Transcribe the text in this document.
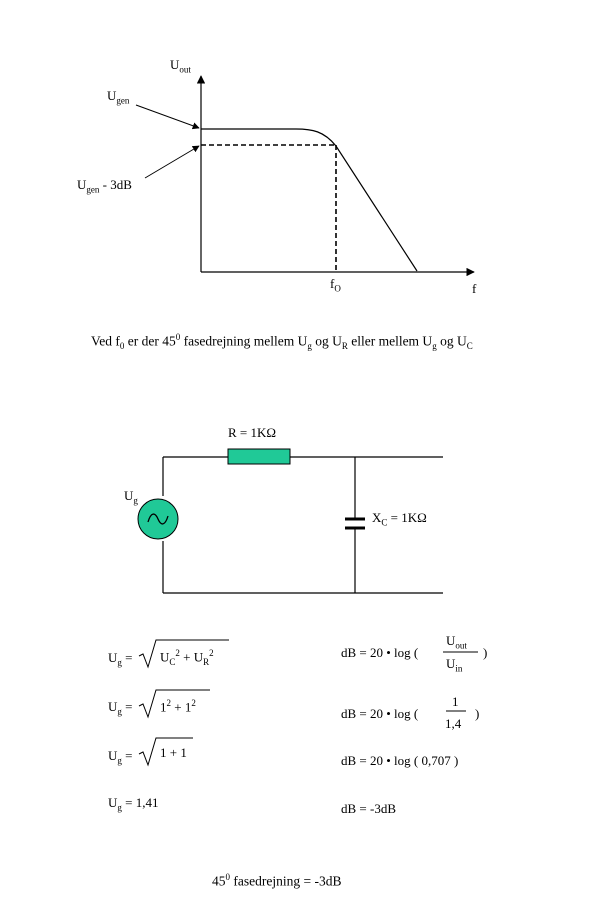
$U_{out}$
f
$U_{gen}$
$U_{gen} - 3dB$
$f_O$
Ved $f_0$ er der $45^0$ fasedrejning mellem $U_g$ og $U_R$ eller mellem $U_g$ og $U_C$
R = 1KΩ
$X_C = 1K\Omega$
$U_g$
$U_g = U_C^2 + U_R^2$
$U_g = 1^2 + 1^2$
$U_g = 1 + 1$
$U_g = 1,41$
dB = 20 • log (
$U_{out}$
$U_{in}$
)
dB = 20 • log (
1
1,4
)
dB = 20 • log ( 0,707 )
dB = -3dB
$45^0$ fasedrejning = -3dB
